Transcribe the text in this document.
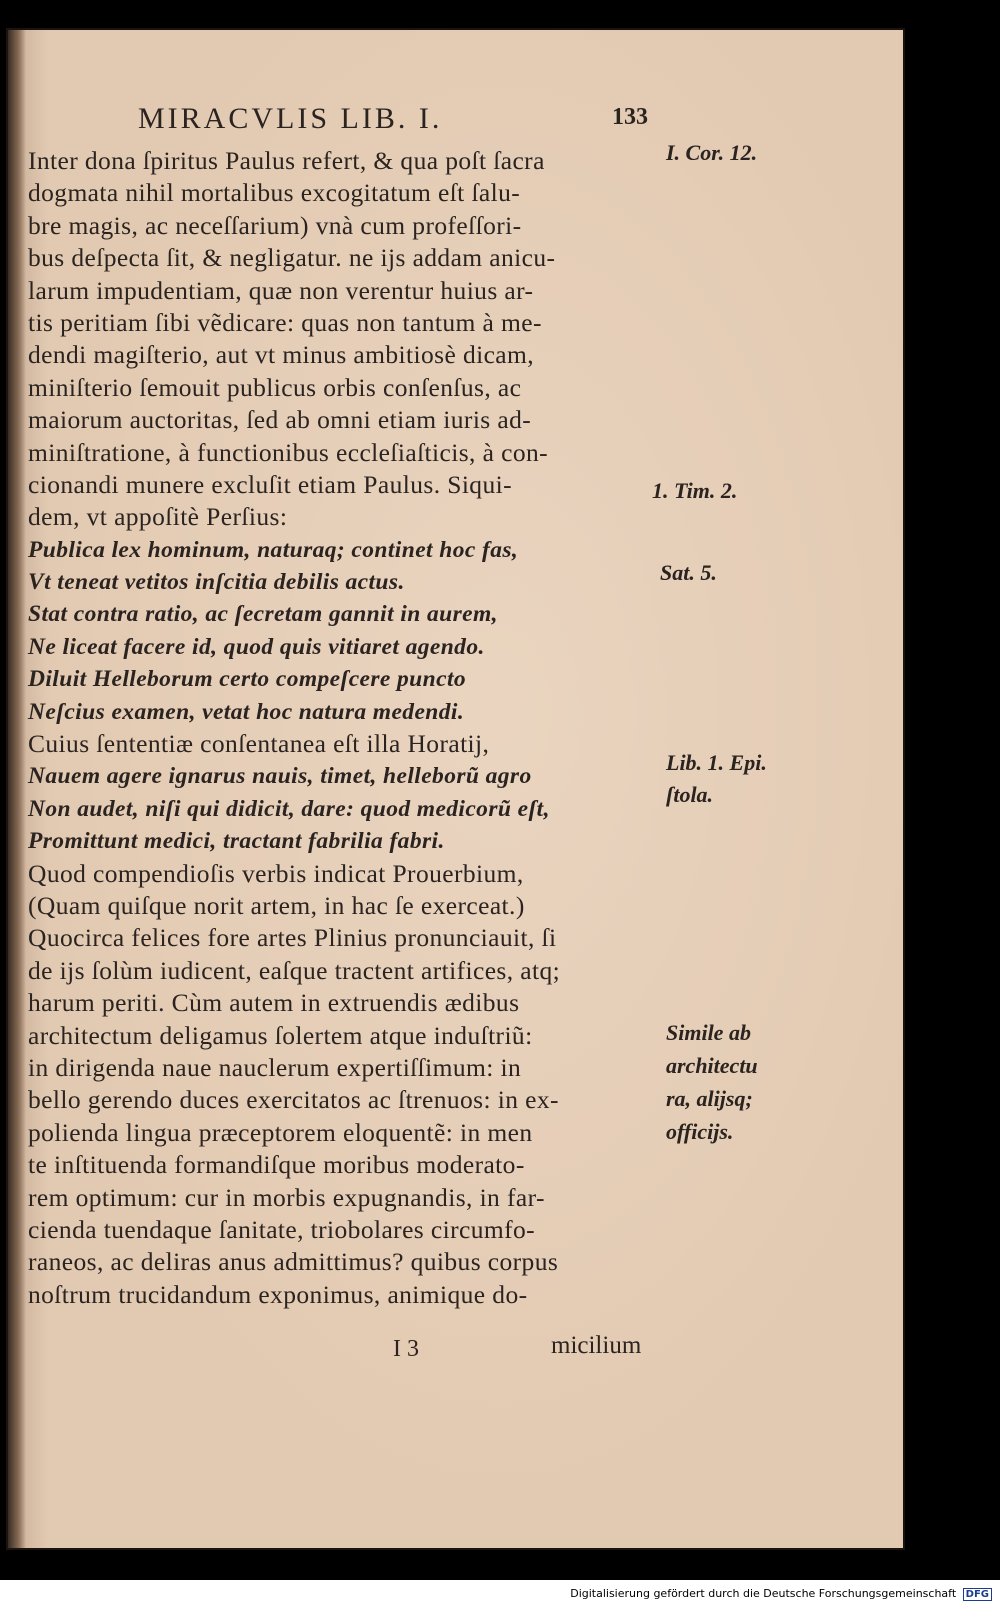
MIRACVLIS LIB. I.	133
Inter dona ſpiritus Paulus refert, & qua poſt ſacra
dogmata nihil mortalibus excogitatum eſt ſalu-
bre magis, ac neceſſarium) vnà cum profeſſori-
bus deſpecta ſit, & negligatur. ne ijs addam anicu-
larum impudentiam, quæ non verentur huius ar-
tis peritiam ſibi vẽdicare: quas non tantum à me-
dendi magiſterio, aut vt minus ambitiosè dicam,
miniſterio ſemouit publicus orbis conſenſus, ac
maiorum auctoritas, ſed ab omni etiam iuris ad-
miniſtratione, à functionibus eccleſiaſticis, à con-
cionandi munere excluſit etiam Paulus. Siqui-
dem, vt appoſitè Perſius:
Publica lex hominum, naturaq; continet hoc fas,
Vt teneat vetitos inſcitia debilis actus.
Stat contra ratio, ac ſecretam gannit in aurem,
Ne liceat facere id, quod quis vitiaret agendo.
Diluit Helleborum certo compeſcere puncto
Neſcius examen, vetat hoc natura medendi.
Cuius ſententiæ conſentanea eſt illa Horatij,
Nauem agere ignarus nauis, timet, helleborũ agro
Non audet, niſi qui didicit, dare: quod medicorũ eſt,
Promittunt medici, tractant fabrilia fabri.
Quod compendioſis verbis indicat Prouerbium,
(Quam quiſque norit artem, in hac ſe exerceat.)
Quocirca felices fore artes Plinius pronunciauit, ſi
de ijs ſolùm iudicent, eaſque tractent artifices, atq;
harum periti. Cùm autem in extruendis ædibus
architectum deligamus ſolertem atque induſtriũ:
in dirigenda naue nauclerum expertiſſimum: in
bello gerendo duces exercitatos ac ſtrenuos: in ex-
polienda lingua præceptorem eloquentẽ: in men
te inſtituenda formandiſque moribus moderato-
rem optimum: cur in morbis expugnandis, in far-
cienda tuendaque ſanitate, triobolares circumfo-
raneos, ac deliras anus admittimus? quibus corpus
noſtrum trucidandum exponimus, animique do-
I. Cor. 12.
1. Tim. 2.
Sat. 5.
Lib. 1. Epi.
ſtola.
Simile ab
architectu
ra, alijsq;
officijs.
I 3	micilium
Digitalisierung gefördert durch die Deutsche Forschungsgemeinschaft DFG
